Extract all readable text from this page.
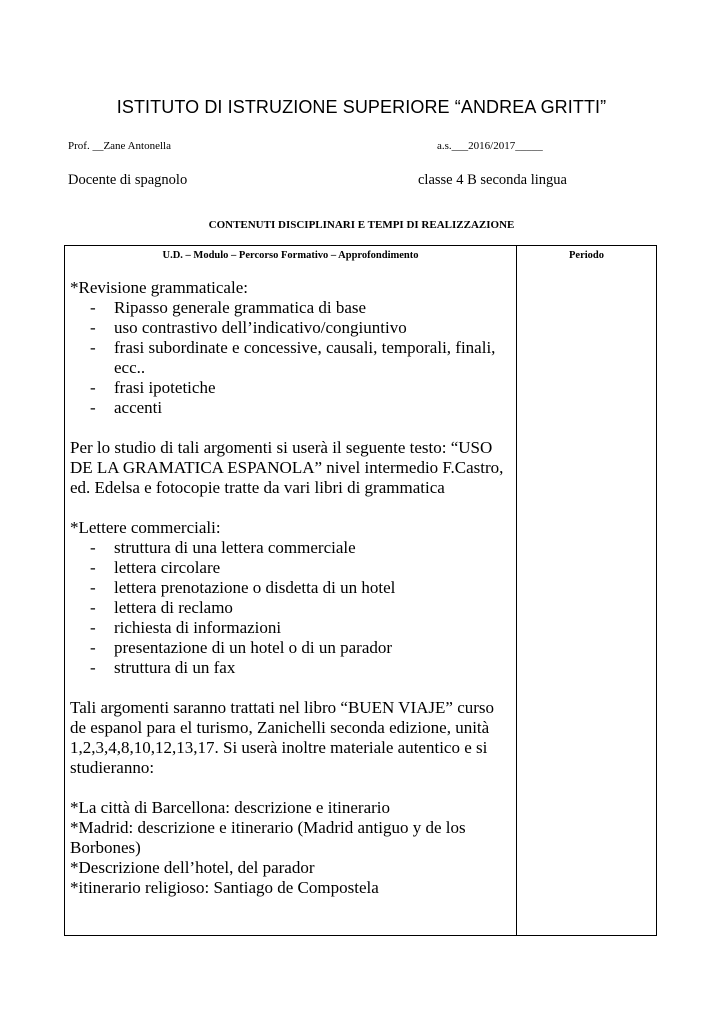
ISTITUTO DI ISTRUZIONE SUPERIORE “ANDREA GRITTI”
Prof. __Zane Antonella	a.s.___2016/2017_____
Docente di spagnolo	classe 4 B seconda lingua
CONTENUTI DISCIPLINARI E TEMPI DI REALIZZAZIONE
U.D. – Modulo – Percorso Formativo – Approfondimento	Periodo

*Revisione grammaticale:

- Ripasso generale grammatica di base
- uso contrastivo dell’indicativo/congiuntivo
- frasi subordinate e concessive, causali, temporali, finali, ecc..
- frasi ipotetiche
- accenti

Per lo studio di tali argomenti si userà il seguente testo: “USO DE LA GRAMATICA ESPANOLA” nivel intermedio F.Castro, ed. Edelsa e fotocopie tratte da vari libri di grammatica

*Lettere commerciali:

- struttura di una lettera commerciale
- lettera circolare
- lettera prenotazione o disdetta di un hotel
- lettera di reclamo
- richiesta di informazioni
- presentazione di un hotel o di un parador
- struttura di un fax

Tali argomenti saranno trattati nel libro “BUEN VIAJE” curso de espanol para el turismo, Zanichelli seconda edizione, unità 1,2,3,4,8,10,12,13,17. Si userà inoltre materiale autentico e si studieranno:

*La città di Barcellona: descrizione e itinerario

*Madrid: descrizione e itinerario (Madrid antiguo y de los Borbones)

*Descrizione dell’hotel, del parador

*itinerario religioso: Santiago de Compostela
